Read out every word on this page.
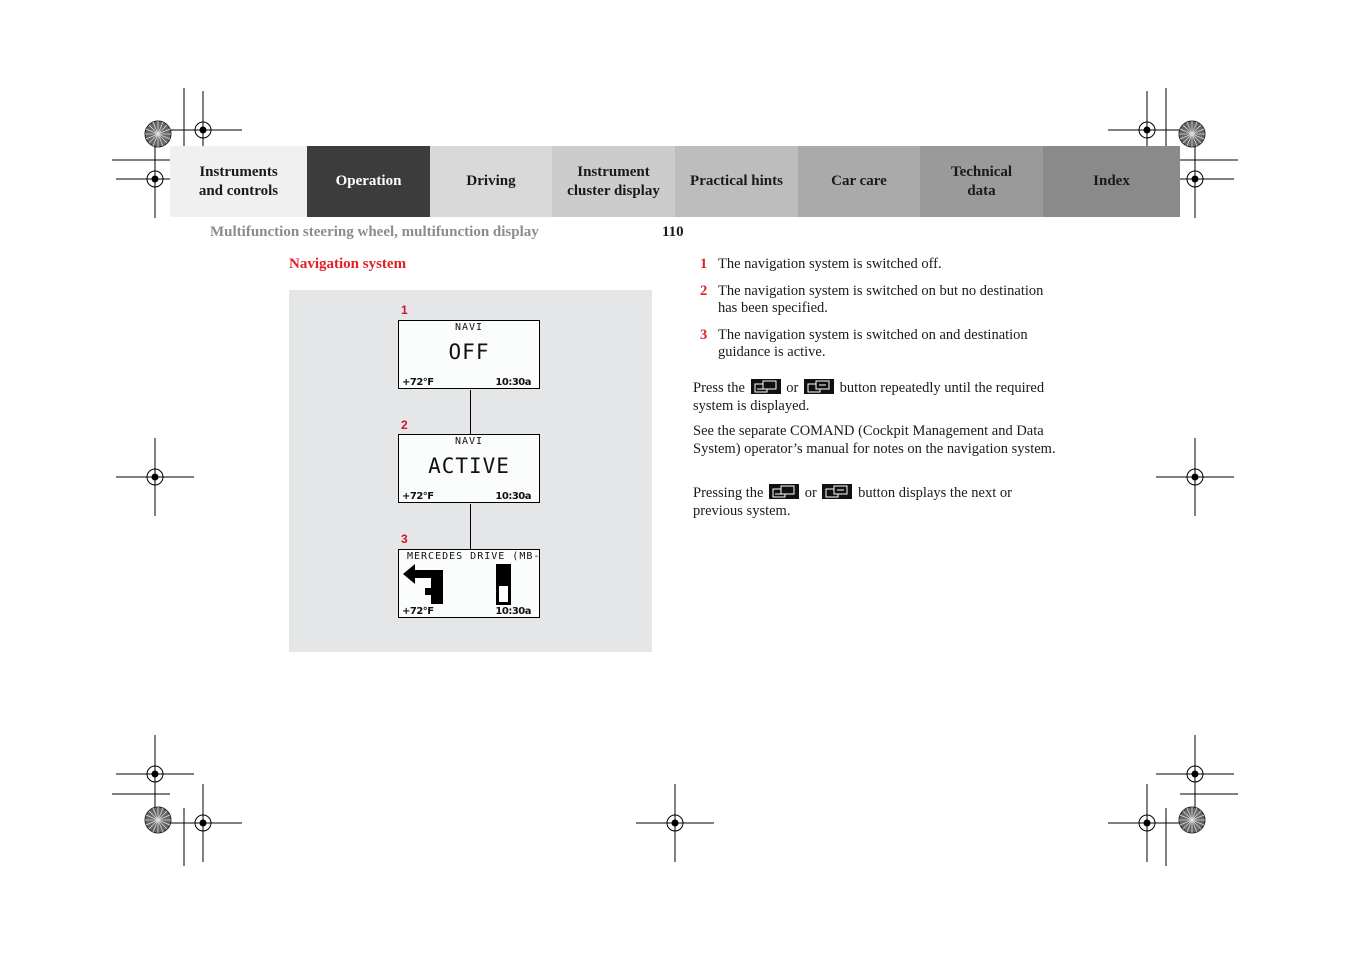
Instruments
and controls
Operation	Driving
Instrument
cluster display
Practical hints	Car care
Technical
data
Index
Multifunction steering wheel, multifunction display	110
Navigation system
1
NAVI
OFF
+72°F	10:30a
2
NAVI
ACTIVE
+72°F	10:30a
3
MERCEDES DRIVE (MB-
+72°F	10:30a
1 The navigation system is switched off.
2 The navigation system is switched on but no destination has been specified.
3 The navigation system is switched on and destination guidance is active.
Press the	or	button repeatedly until the required system is displayed.
See the separate COMAND (Cockpit Management and Data System) operator’s manual for notes on the navigation system.
Pressing the	or	button displays the next or previous system.
